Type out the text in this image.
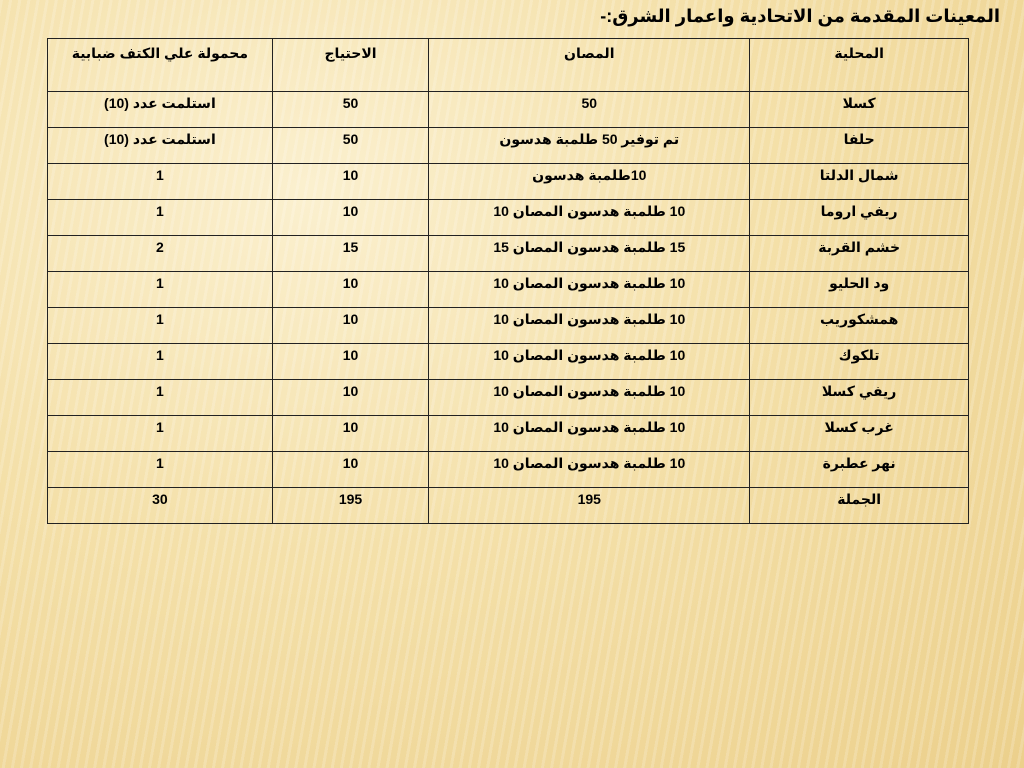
المعينات المقدمة من الاتحادية واعمار الشرق:-
المحلية	المصان	الاحتياج	محمولة علي الكتف ضبابية
كسلا	50	50	استلمت عدد (10)
حلفا	تم توفير 50 طلمبة هدسون	50	استلمت عدد (10)
شمال الدلتا	10طلمبة هدسون	10	1
ريفي اروما	10 طلمبة هدسون المصان 10	10	1
خشم القربة	15 طلمبة هدسون المصان 15	15	2
ود الحليو	10 طلمبة هدسون المصان 10	10	1
همشكوريب	10 طلمبة هدسون المصان 10	10	1
تلكوك	10 طلمبة هدسون المصان 10	10	1
ريفي كسلا	10 طلمبة هدسون المصان 10	10	1
غرب كسلا	10 طلمبة هدسون المصان 10	10	1
نهر عطبرة	10 طلمبة هدسون المصان 10	10	1
الجملة	195	195	30
